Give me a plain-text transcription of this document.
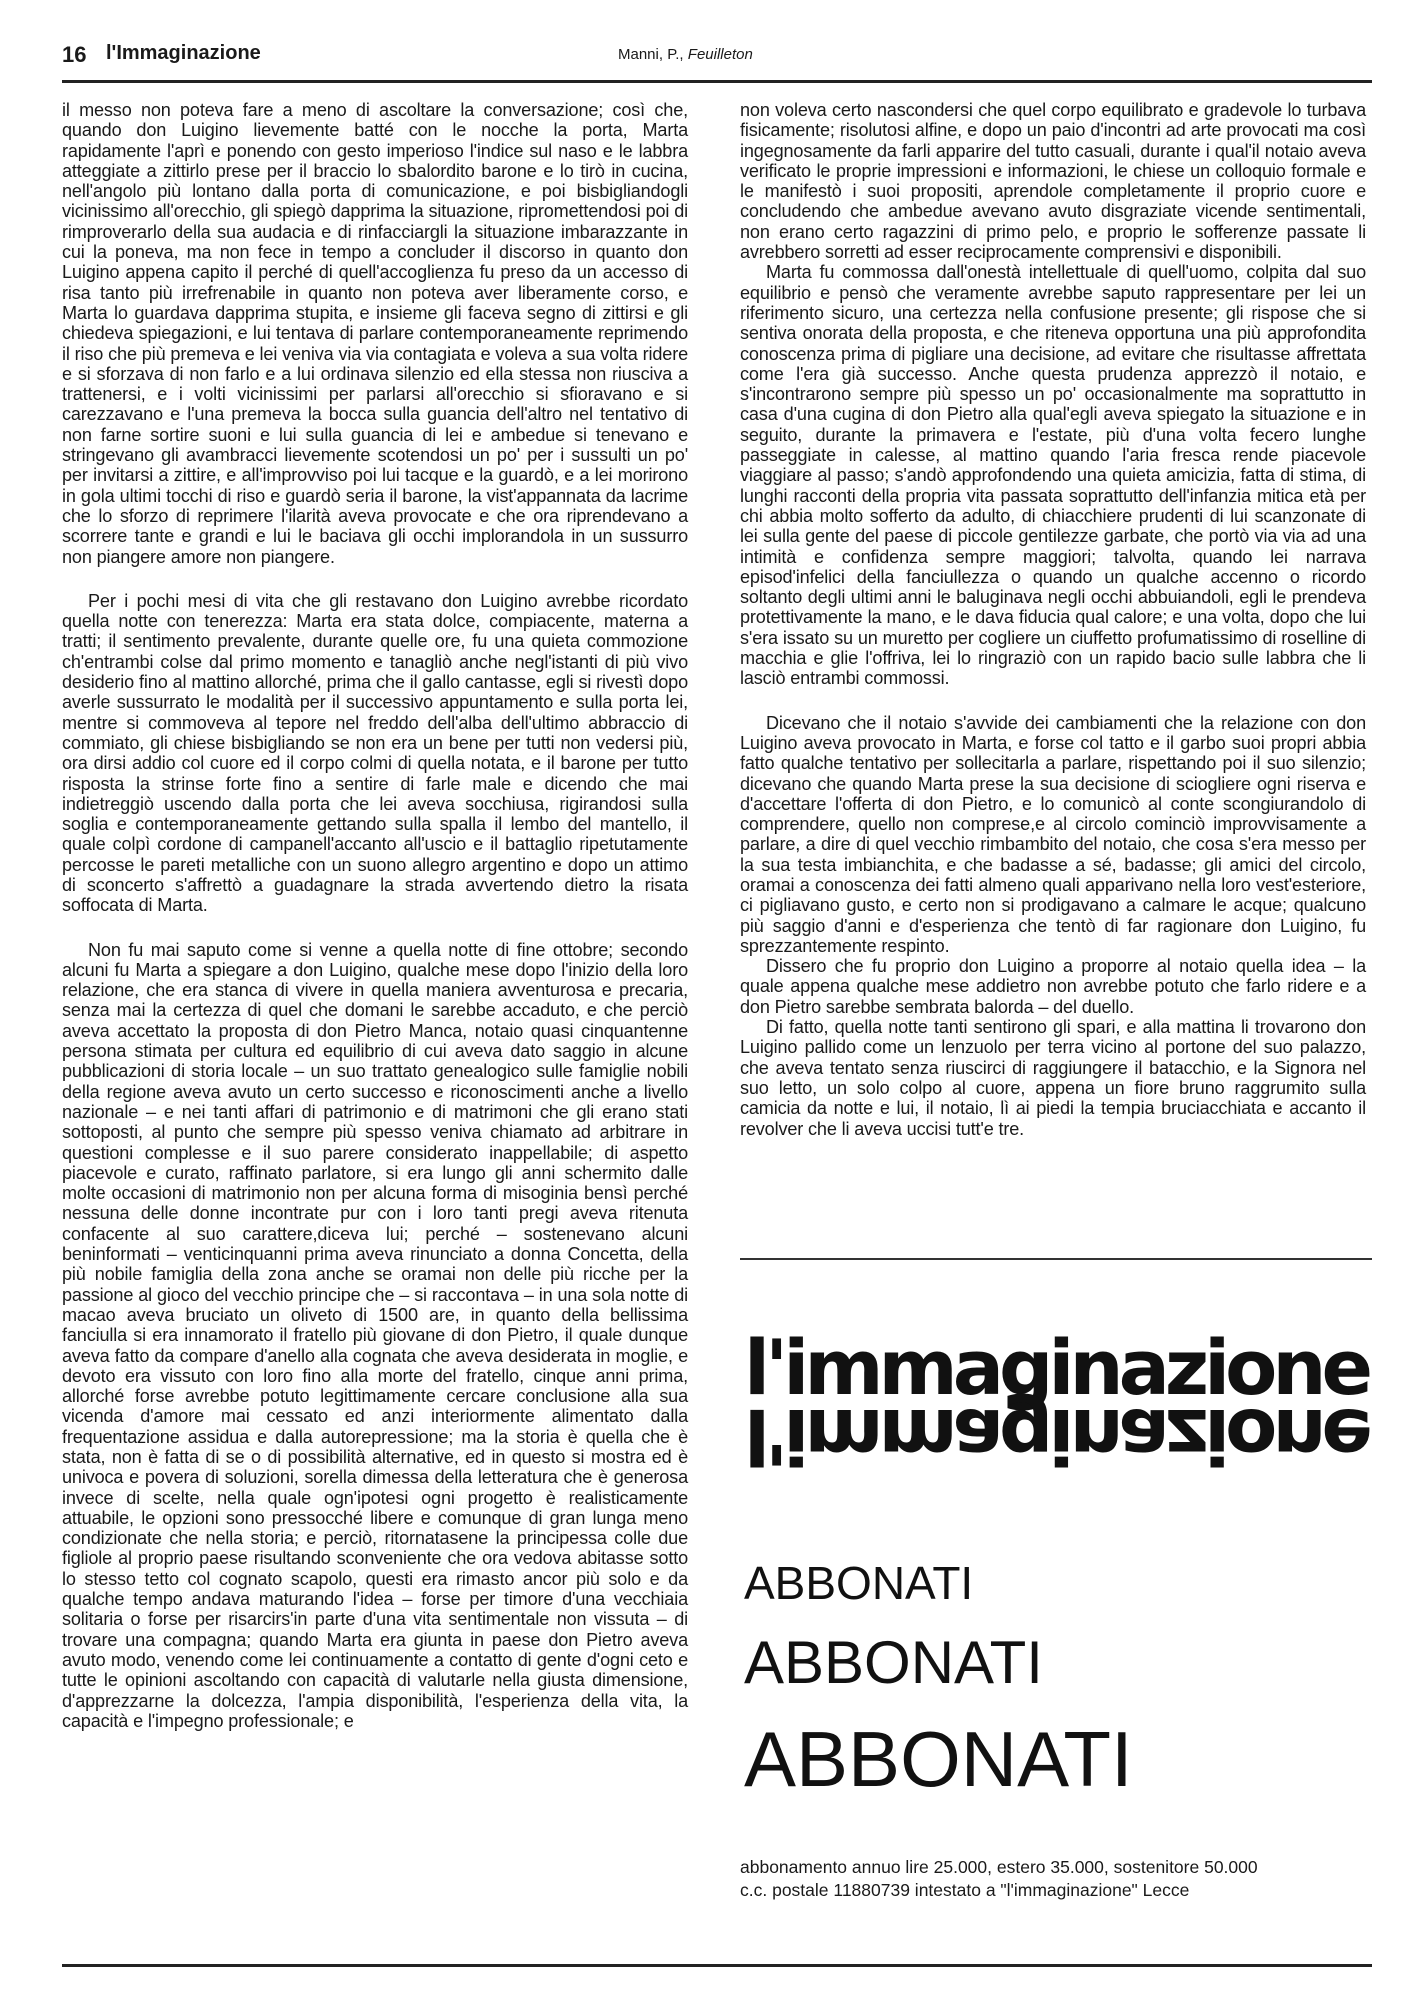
16 l'Immaginazione	Manni, P., Feuilleton

il messo non poteva fare a meno di ascoltare la conversazione; così che, quando don Luigino lievemente batté con le nocche la porta, Marta rapidamente l'aprì e ponendo con gesto imperioso l'indice sul naso e le labbra atteggiate a zittirlo prese per il braccio lo sbalordito barone e lo tirò in cucina, nell'angolo più lontano dalla porta di comunicazione, e poi bisbigliandogli vicinissimo all'orecchio, gli spiegò dapprima la situazione, ripromettendosi poi di rimproverarlo della sua audacia e di rinfacciargli la situazione imbarazzante in cui la poneva, ma non fece in tempo a concluder il discorso in quanto don Luigino appena capito il perché di quell'accoglienza fu preso da un accesso di risa tanto più irrefrenabile in quanto non poteva aver liberamente corso, e Marta lo guardava dapprima stupita, e insieme gli faceva segno di zittirsi e gli chiedeva spiegazioni, e lui tentava di parlare contemporaneamente reprimendo il riso che più premeva e lei veniva via via contagiata e voleva a sua volta ridere e si sforzava di non farlo e a lui ordinava silenzio ed ella stessa non riusciva a trattenersi, e i volti vicinissimi per parlarsi all'orecchio si sfioravano e si carezzavano e l'una premeva la bocca sulla guancia dell'altro nel tentativo di non farne sortire suoni e lui sulla guancia di lei e ambedue si tenevano e stringevano gli avambracci lievemente scotendosi un po' per i sussulti un po' per invitarsi a zittire, e all'improvviso poi lui tacque e la guardò, e a lei morirono in gola ultimi tocchi di riso e guardò seria il barone, la vist'appannata da lacrime che lo sforzo di reprimere l'ilarità aveva provocate e che ora riprendevano a scorrere tante e grandi e lui le baciava gli occhi implorandola in un sussurro non piangere amore non piangere.

Per i pochi mesi di vita che gli restavano don Luigino avrebbe ricordato quella notte con tenerezza: Marta era stata dolce, compiacente, materna a tratti; il sentimento prevalente, durante quelle ore, fu una quieta commozione ch'entrambi colse dal primo momento e tanagliò anche negl'istanti di più vivo desiderio fino al mattino allorché, prima che il gallo cantasse, egli si rivestì dopo averle sussurrato le modalità per il successivo appuntamento e sulla porta lei, mentre si commoveva al tepore nel freddo dell'alba dell'ultimo abbraccio di commiato, gli chiese bisbigliando se non era un bene per tutti non vedersi più, ora dirsi addio col cuore ed il corpo colmi di quella notata, e il barone per tutto risposta la strinse forte fino a sentire di farle male e dicendo che mai indietreggiò uscendo dalla porta che lei aveva socchiusa, rigirandosi sulla soglia e contemporaneamente gettando sulla spalla il lembo del mantello, il quale colpì cordone di campanell'accanto all'uscio e il battaglio ripetutamente percosse le pareti metalliche con un suono allegro argentino e dopo un attimo di sconcerto s'affrettò a guadagnare la strada avvertendo dietro la risata soffocata di Marta.

Non fu mai saputo come si venne a quella notte di fine ottobre; secondo alcuni fu Marta a spiegare a don Luigino, qualche mese dopo l'inizio della loro relazione, che era stanca di vivere in quella maniera avventurosa e precaria, senza mai la certezza di quel che domani le sarebbe accaduto, e che perciò aveva accettato la proposta di don Pietro Manca, notaio quasi cinquantenne persona stimata per cultura ed equilibrio di cui aveva dato saggio in alcune pubblicazioni di storia locale – un suo trattato genealogico sulle famiglie nobili della regione aveva avuto un certo successo e riconoscimenti anche a livello nazionale – e nei tanti affari di patrimonio e di matrimoni che gli erano stati sottoposti, al punto che sempre più spesso veniva chiamato ad arbitrare in questioni complesse e il suo parere considerato inappellabile; di aspetto piacevole e curato, raffinato parlatore, si era lungo gli anni schermito dalle molte occasioni di matrimonio non per alcuna forma di misoginia bensì perché nessuna delle donne incontrate pur con i loro tanti pregi aveva ritenuta confacente al suo carattere,diceva lui; perché – sostenevano alcuni beninformati – venticinquanni prima aveva rinunciato a donna Concetta, della più nobile famiglia della zona anche se oramai non delle più ricche per la passione al gioco del vecchio principe che – si raccontava – in una sola notte di macao aveva bruciato un oliveto di 1500 are, in quanto della bellissima fanciulla si era innamorato il fratello più giovane di don Pietro, il quale dunque aveva fatto da compare d'anello alla cognata che aveva desiderata in moglie, e devoto era vissuto con loro fino alla morte del fratello, cinque anni prima, allorché forse avrebbe potuto legittimamente cercare conclusione alla sua vicenda d'amore mai cessato ed anzi interiormente alimentato dalla frequentazione assidua e dalla autorepressione; ma la storia è quella che è stata, non è fatta di se o di possibilità alternative, ed in questo si mostra ed è univoca e povera di soluzioni, sorella dimessa della letteratura che è generosa invece di scelte, nella quale ogn'ipotesi ogni progetto è realisticamente attuabile, le opzioni sono pressocché libere e comunque di gran lunga meno condizionate che nella storia; e perciò, ritornatasene la principessa colle due figliole al proprio paese risultando sconveniente che ora vedova abitasse sotto lo stesso tetto col cognato scapolo, questi era rimasto ancor più solo e da qualche tempo andava maturando l'idea – forse per timore d'una vecchiaia solitaria o forse per risarcirs'in parte d'una vita sentimentale non vissuta – di trovare una compagna; quando Marta era giunta in paese don Pietro aveva avuto modo, venendo come lei continuamente a contatto di gente d'ogni ceto e tutte le opinioni ascoltando con capacità di valutarle nella giusta dimensione, d'apprezzarne la dolcezza, l'ampia disponibilità, l'esperienza della vita, la capacità e l'impegno professionale; e

non voleva certo nascondersi che quel corpo equilibrato e gradevole lo turbava fisicamente; risolutosi alfine, e dopo un paio d'incontri ad arte provocati ma così ingegnosamente da farli apparire del tutto casuali, durante i qual'il notaio aveva verificato le proprie impressioni e informazioni, le chiese un colloquio formale e le manifestò i suoi propositi, aprendole completamente il proprio cuore e concludendo che ambedue avevano avuto disgraziate vicende sentimentali, non erano certo ragazzini di primo pelo, e proprio le sofferenze passate li avrebbero sorretti ad esser reciprocamente comprensivi e disponibili.

Marta fu commossa dall'onestà intellettuale di quell'uomo, colpita dal suo equilibrio e pensò che veramente avrebbe saputo rappresentare per lei un riferimento sicuro, una certezza nella confusione presente; gli rispose che si sentiva onorata della proposta, e che riteneva opportuna una più approfondita conoscenza prima di pigliare una decisione, ad evitare che risultasse affrettata come l'era già successo. Anche questa prudenza apprezzò il notaio, e s'incontrarono sempre più spesso un po' occasionalmente ma soprattutto in casa d'una cugina di don Pietro alla qual'egli aveva spiegato la situazione e in seguito, durante la primavera e l'estate, più d'una volta fecero lunghe passeggiate in calesse, al mattino quando l'aria fresca rende piacevole viaggiare al passo; s'andò approfondendo una quieta amicizia, fatta di stima, di lunghi racconti della propria vita passata soprattutto dell'infanzia mitica età per chi abbia molto sofferto da adulto, di chiacchiere prudenti di lui scanzonate di lei sulla gente del paese di piccole gentilezze garbate, che portò via via ad una intimità e confidenza sempre maggiori; talvolta, quando lei narrava episod'infelici della fanciullezza o quando un qualche accenno o ricordo soltanto degli ultimi anni le baluginava negli occhi abbuiandoli, egli le prendeva protettivamente la mano, e le dava fiducia qual calore; e una volta, dopo che lui s'era issato su un muretto per cogliere un ciuffetto profumatissimo di roselline di macchia e glie l'offriva, lei lo ringraziò con un rapido bacio sulle labbra che li lasciò entrambi commossi.

Dicevano che il notaio s'avvide dei cambiamenti che la relazione con don Luigino aveva provocato in Marta, e forse col tatto e il garbo suoi propri abbia fatto qualche tentativo per sollecitarla a parlare, rispettando poi il suo silenzio; dicevano che quando Marta prese la sua decisione di sciogliere ogni riserva e d'accettare l'offerta di don Pietro, e lo comunicò al conte scongiurandolo di comprendere, quello non comprese,e al circolo cominciò improvvisamente a parlare, a dire di quel vecchio rimbambito del notaio, che cosa s'era messo per la sua testa imbianchita, e che badasse a sé, badasse; gli amici del circolo, oramai a conoscenza dei fatti almeno quali apparivano nella loro vest'esteriore, ci pigliavano gusto, e certo non si prodigavano a calmare le acque; qualcuno più saggio d'anni e d'esperienza che tentò di far ragionare don Luigino, fu sprezzantemente respinto.

Dissero che fu proprio don Luigino a proporre al notaio quella idea – la quale appena qualche mese addietro non avrebbe potuto che farlo ridere e a don Pietro sarebbe sembrata balorda – del duello.

Di fatto, quella notte tanti sentirono gli spari, e alla mattina li trovarono don Luigino pallido come un lenzuolo per terra vicino al portone del suo palazzo, che aveva tentato senza riuscirci di raggiungere il batacchio, e la Signora nel suo letto, un solo colpo al cuore, appena un fiore bruno raggrumito sulla camicia da notte e lui, il notaio, lì ai piedi la tempia bruciacchiata e accanto il revolver che li aveva uccisi tutt'e tre.

l'immaginazione
l'immaginazione
ABBONATI
ABBONATI
ABBONATI
abbonamento annuo lire 25.000, estero 35.000, sostenitore 50.000
c.c. postale 11880739 intestato a "l'immaginazione" Lecce
